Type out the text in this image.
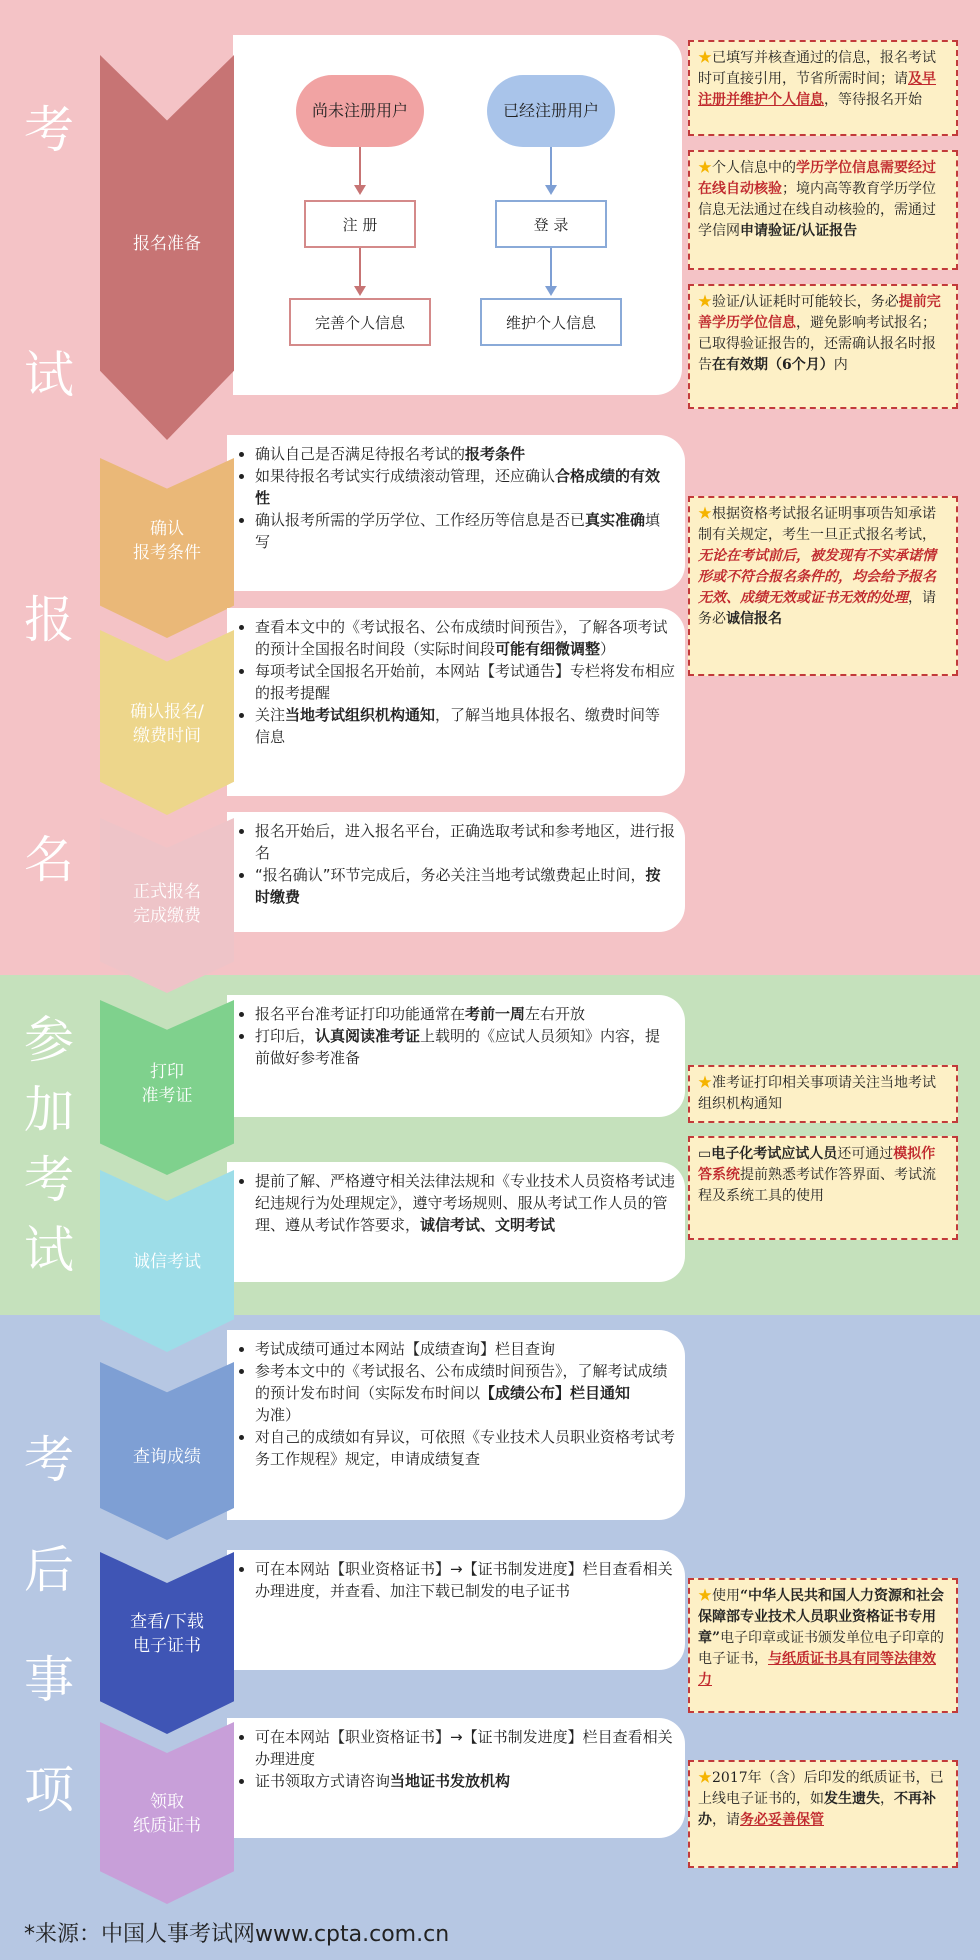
考
试
报
名
参
加
考
试
考
后
事
项
报名准备
尚未注册用户	已经注册用户
注 册	登 录
完善个人信息	维护个人信息
• 确认自己是否满足待报名考试的报考条件
• 如果待报名考试实行成绩滚动管理，还应确认合格成绩的有效性
• 确认报考所需的学历学位、工作经历等信息是否已真实准确填写
确认
报考条件
• 查看本文中的《考试报名、公布成绩时间预告》，了解各项考试的预计全国报名时间段（实际时间段可能有细微调整）
• 每项考试全国报名开始前，本网站【考试通告】专栏将发布相应的报考提醒
• 关注当地考试组织机构通知，了解当地具体报名、缴费时间等信息
确认报名/
缴费时间
• 报名开始后，进入报名平台，正确选取考试和参考地区，进行报名
• “报名确认”环节完成后，务必关注当地考试缴费起止时间，按时缴费
正式报名
完成缴费
• 报名平台准考证打印功能通常在考前一周左右开放
• 打印后，认真阅读准考证上载明的《应试人员须知》内容，提前做好参考准备
打印
准考证
• 提前了解、严格遵守相关法律法规和《专业技术人员资格考试违纪违规行为处理规定》，遵守考场规则、服从考试工作人员的管理、遵从考试作答要求，诚信考试、文明考试
诚信考试
• 考试成绩可通过本网站【成绩查询】栏目查询
• 参考本文中的《考试报名、公布成绩时间预告》，了解考试成绩的预计发布时间（实际发布时间以【成绩公布】栏目通知为准）
• 对自己的成绩如有异议，可依照《专业技术人员职业资格考试考务工作规程》规定，申请成绩复查
查询成绩
• 可在本网站【职业资格证书】→【证书制发进度】栏目查看相关办理进度，并查看、加注下载已制发的电子证书
查看/下载
电子证书
• 可在本网站【职业资格证书】→【证书制发进度】栏目查看相关办理进度
• 证书领取方式请咨询当地证书发放机构
领取
纸质证书
★已填写并核查通过的信息，报名考试时可直接引用，节省所需时间；请及早注册并维护个人信息，等待报名开始
★个人信息中的学历学位信息需要经过在线自动核验；境内高等教育学历学位信息无法通过在线自动核验的，需通过学信网申请验证/认证报告
★验证/认证耗时可能较长，务必提前完善学历学位信息，避免影响考试报名；已取得验证报告的，还需确认报名时报告在有效期（6个月）内
★根据资格考试报名证明事项告知承诺制有关规定，考生一旦正式报名考试，无论在考试前后，被发现有不实承诺情形或不符合报名条件的，均会给予报名无效、成绩无效或证书无效的处理，请务必诚信报名
★准考证打印相关事项请关注当地考试组织机构通知
▭电子化考试应试人员还可通过模拟作答系统提前熟悉考试作答界面、考试流程及系统工具的使用
★使用“中华人民共和国人力资源和社会保障部专业技术人员职业资格证书专用章”电子印章或证书颁发单位电子印章的电子证书，与纸质证书具有同等法律效力
★2017年（含）后印发的纸质证书，已上线电子证书的，如发生遗失，不再补办，请务必妥善保管
*来源：中国人事考试网www.cpta.com.cn
